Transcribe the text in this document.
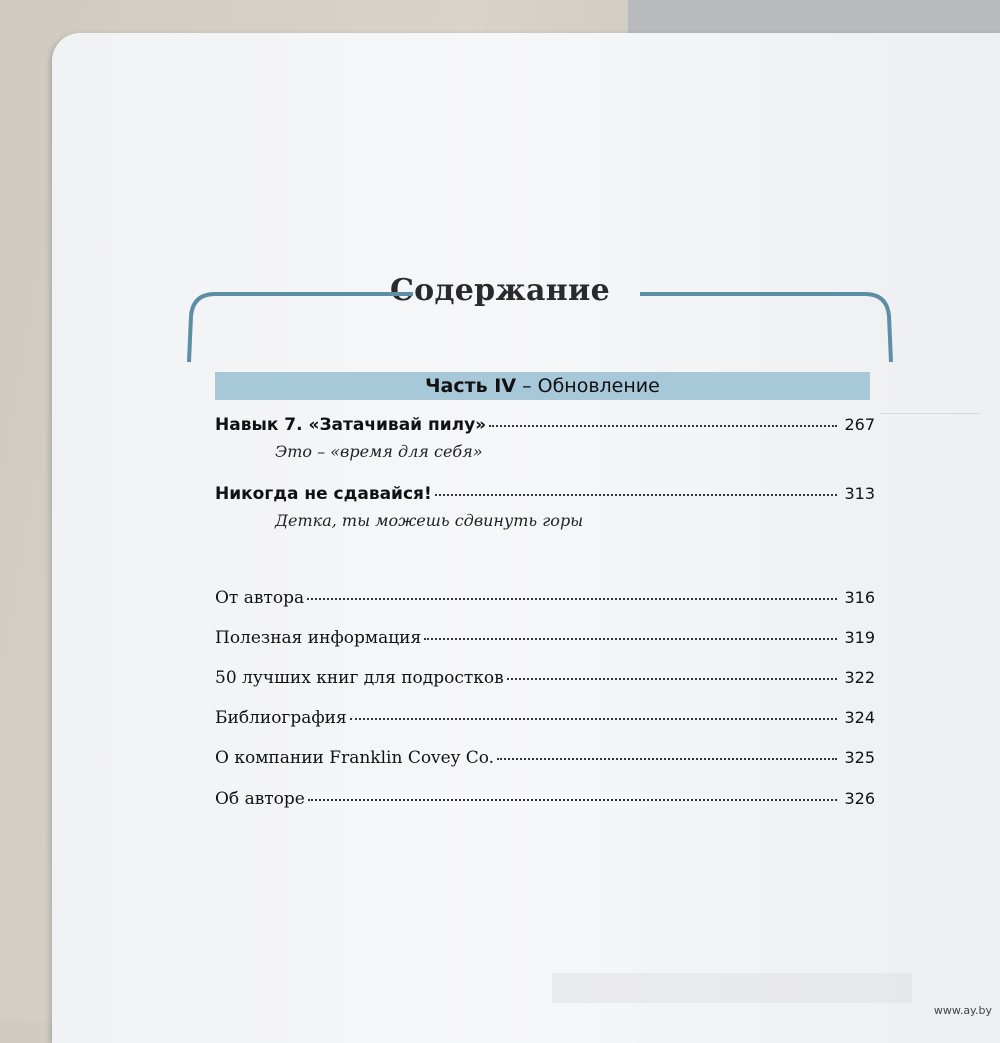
Содержание
Часть IV – Обновление
Навык 7. «Затачивай пилу»	267
Это – «время для себя»
Никогда не сдавайся!	313
Детка, ты можешь сдвинуть горы
От автора	316
Полезная информация	319
50 лучших книг для подростков	322
Библиография	324
О компании Franklin Covey Co.	325
Об авторе	326
www.ay.by
